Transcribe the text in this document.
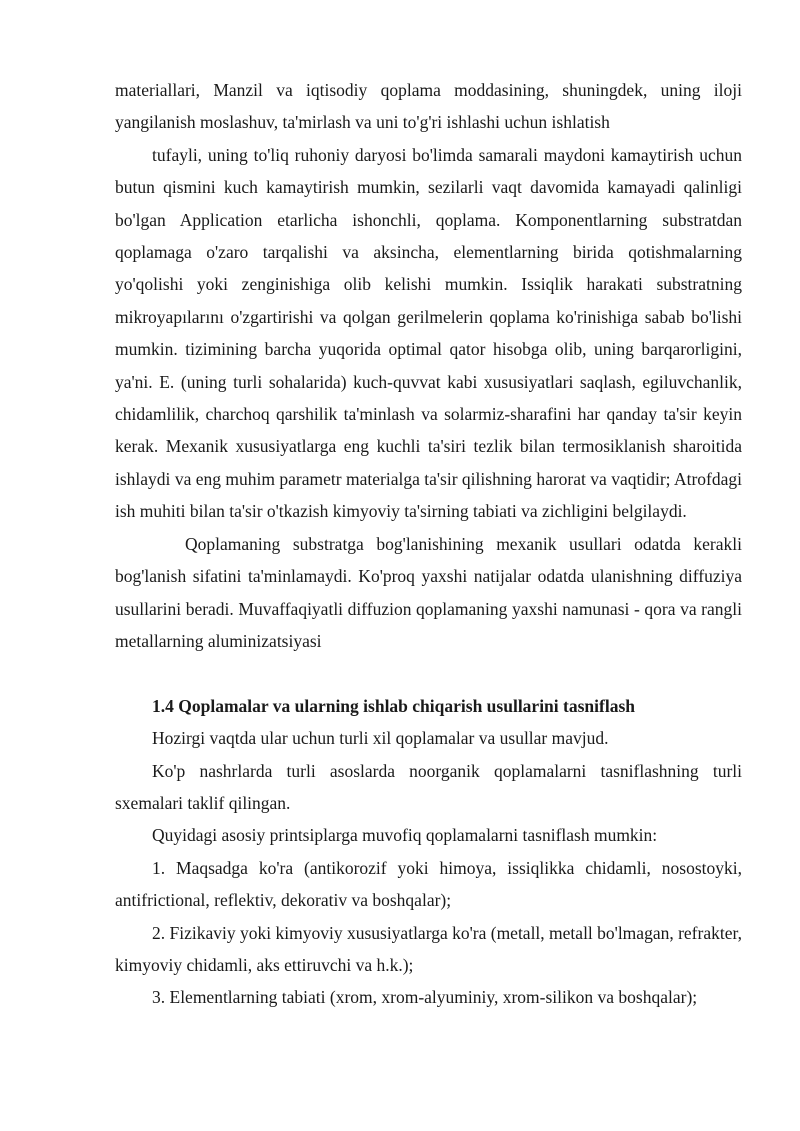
materiallari, Manzil va iqtisodiy qoplama moddasining, shuningdek, uning iloji yangilanish moslashuv, ta'mirlash va uni to'g'ri ishlashi uchun ishlatish

tufayli, uning to'liq ruhoniy daryosi bo'limda samarali maydoni kamaytirish uchun butun qismini kuch kamaytirish mumkin, sezilarli vaqt davomida kamayadi qalinligi bo'lgan Application etarlicha ishonchli, qoplama. Komponentlarning substratdan qoplamaga o'zaro tarqalishi va aksincha, elementlarning birida qotishmalarning yo'qolishi yoki zenginishiga olib kelishi mumkin. Issiqlik harakati substratning mikroyapılarını o'zgartirishi va qolgan gerilmelerin qoplama ko'rinishiga sabab bo'lishi mumkin. tizimining barcha yuqorida optimal qator hisobga olib, uning barqarorligini, ya'ni. E. (uning turli sohalarida) kuch-quvvat kabi xususiyatlari saqlash, egiluvchanlik, chidamlilik, charchoq qarshilik ta'minlash va solarmiz-sharafini har qanday ta'sir keyin kerak. Mexanik xususiyatlarga eng kuchli ta'siri tezlik bilan termosiklanish sharoitida ishlaydi va eng muhim parametr materialga ta'sir qilishning harorat va vaqtidir; Atrofdagi ish muhiti bilan ta'sir o'tkazish kimyoviy ta'sirning tabiati va zichligini belgilaydi.

Qoplamaning substratga bog'lanishining mexanik usullari odatda kerakli bog'lanish sifatini ta'minlamaydi. Ko'proq yaxshi natijalar odatda ulanishning diffuziya usullarini beradi. Muvaffaqiyatli diffuzion qoplamaning yaxshi namunasi - qora va rangli metallarning aluminizatsiyasi

1.4 Qoplamalar va ularning ishlab chiqarish usullarini tasniflash

Hozirgi vaqtda ular uchun turli xil qoplamalar va usullar mavjud.

Ko'p nashrlarda turli asoslarda noorganik qoplamalarni tasniflashning turli sxemalari taklif qilingan.

Quyidagi asosiy printsiplarga muvofiq qoplamalarni tasniflash mumkin:

1. Maqsadga ko'ra (antikorozif yoki himoya, issiqlikka chidamli, nosostoyki, antifrictional, reflektiv, dekorativ va boshqalar);

2. Fizikaviy yoki kimyoviy xususiyatlarga ko'ra (metall, metall bo'lmagan, refrakter, kimyoviy chidamli, aks ettiruvchi va h.k.);

3. Elementlarning tabiati (xrom, xrom-alyuminiy, xrom-silikon va boshqalar);
